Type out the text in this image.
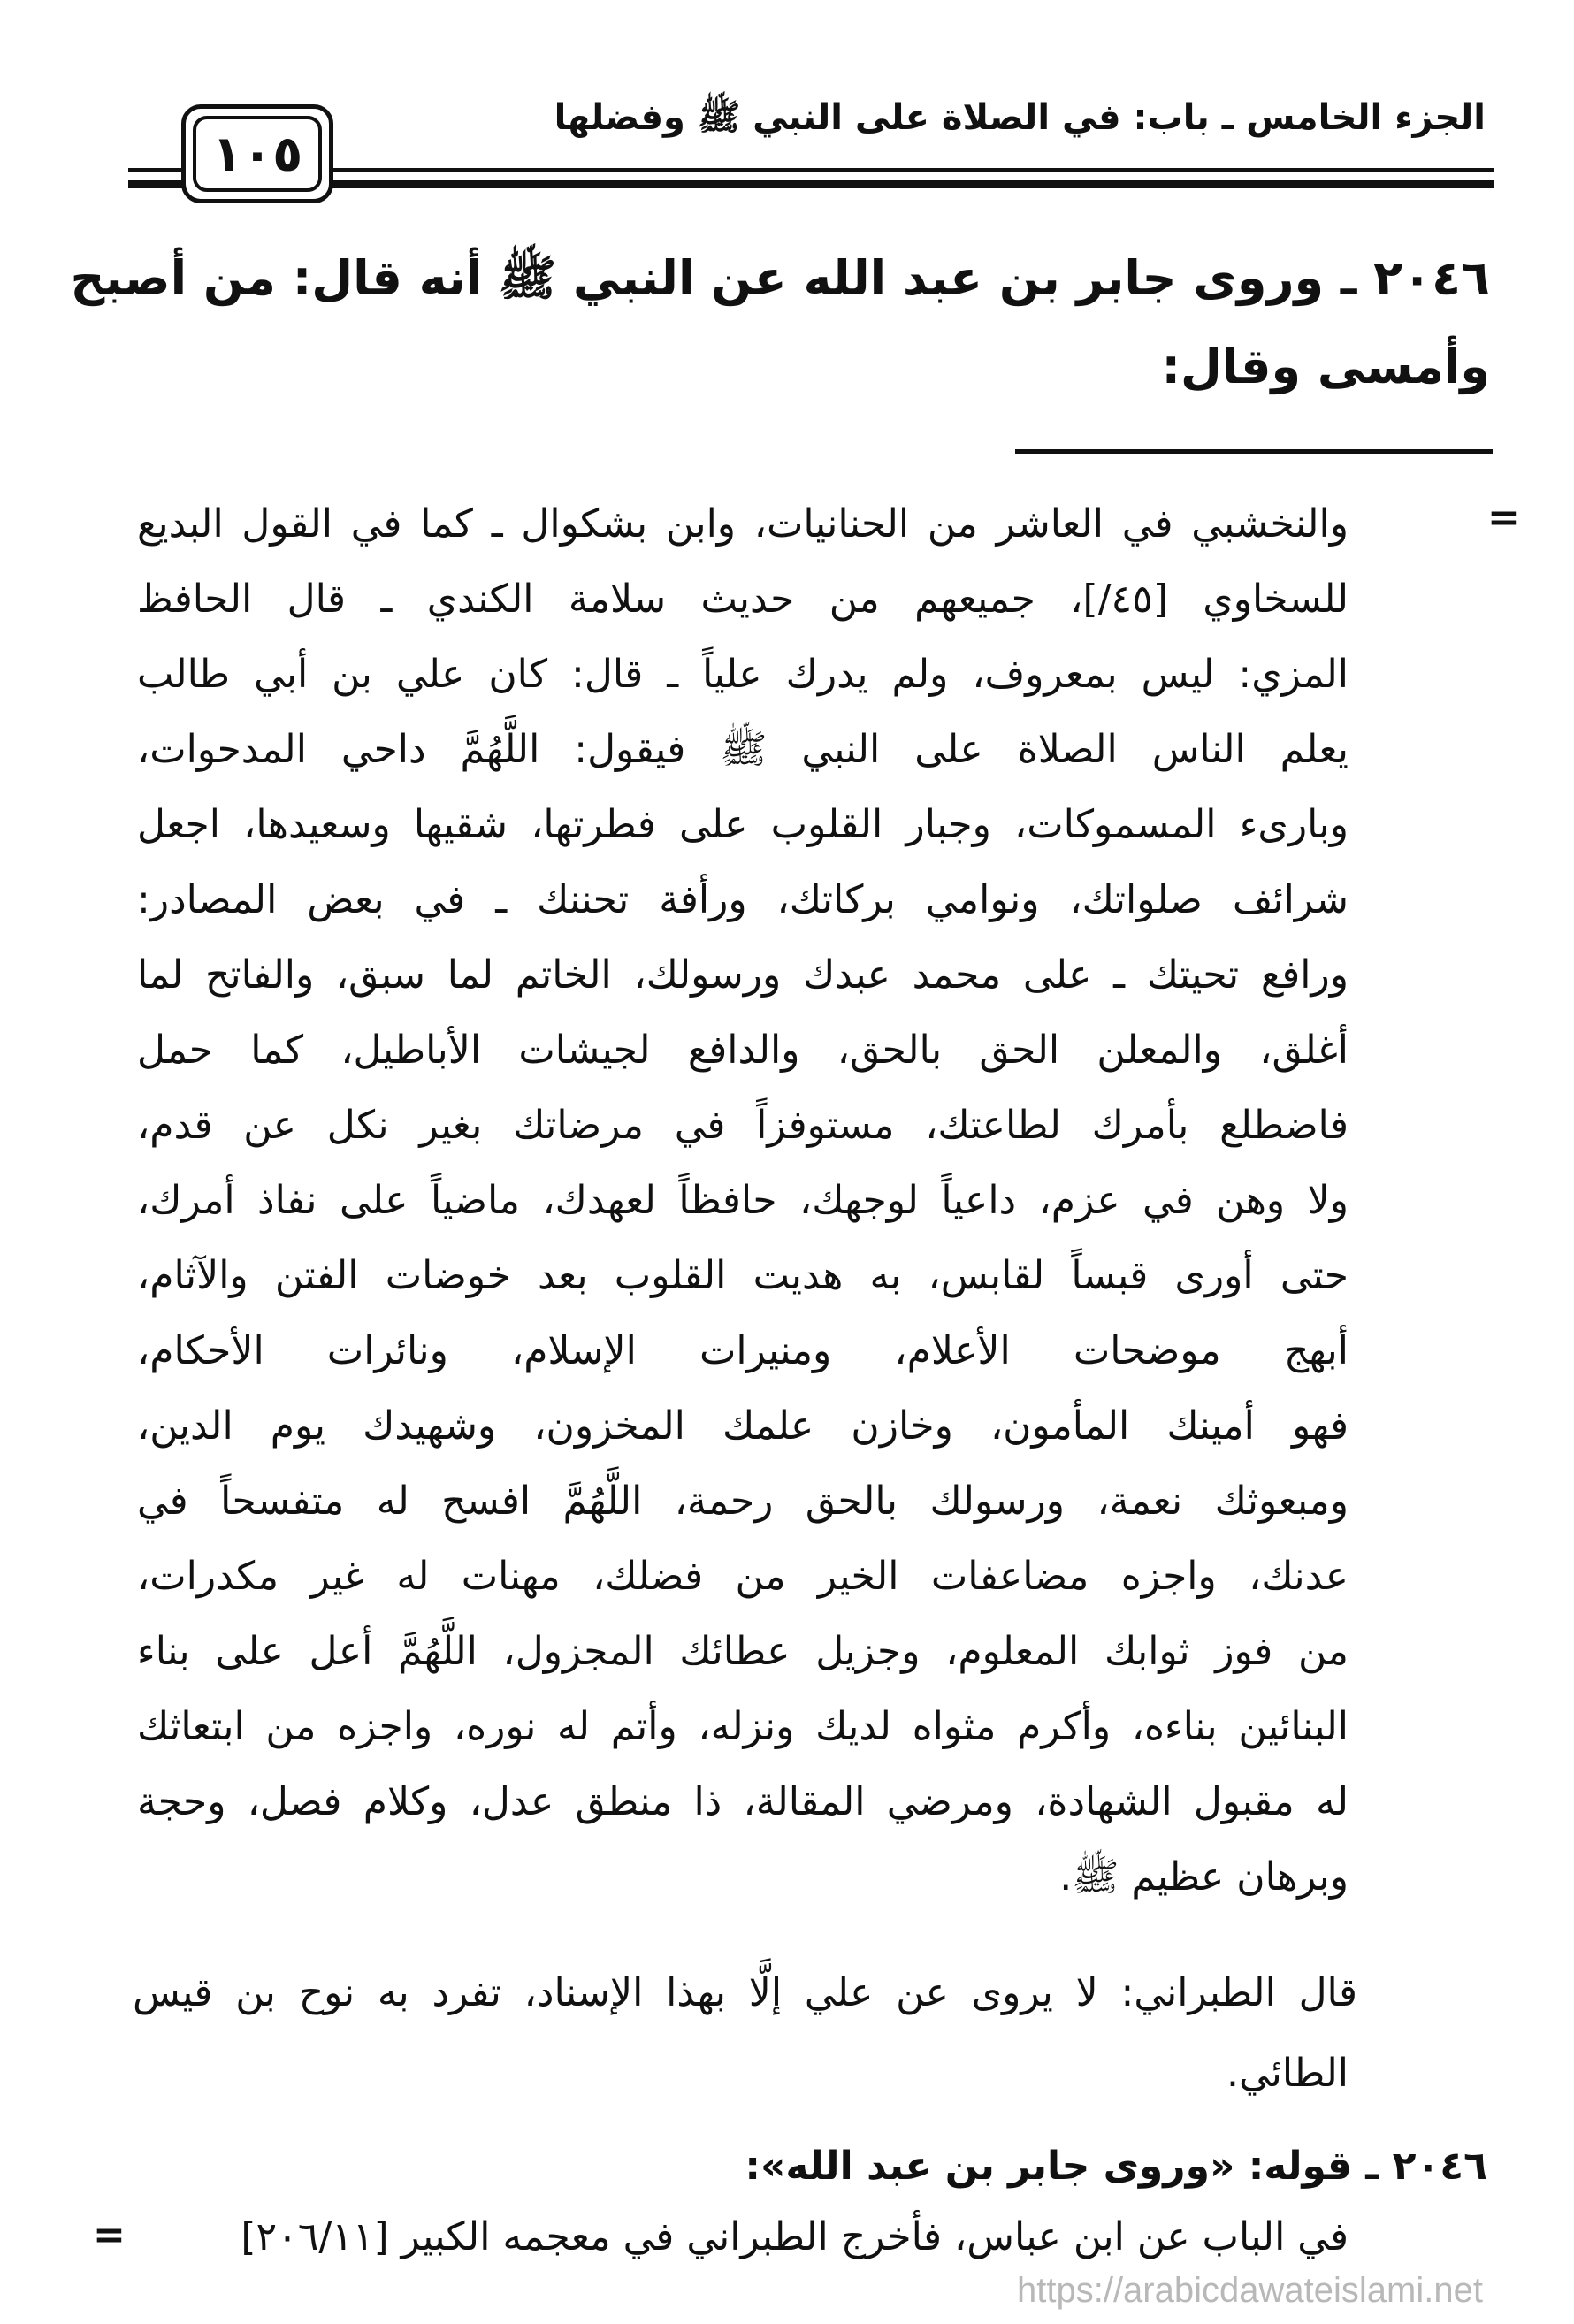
الجزء الخامس ـ باب: في الصلاة على النبي ﷺ وفضلها
١٠٥
٢٠٤٦ ـ وروى جابر بن عبد الله عن النبي ﷺ أنه قال: من أصبح
وأمسى وقال:
=
والنخشبي في العاشر من الحنانيات، وابن بشكوال ـ كما في القول البديع
للسخاوي [٤٥/]، جميعهم من حديث سلامة الكندي ـ قال الحافظ
المزي: ليس بمعروف، ولم يدرك علياً ـ قال: كان علي بن أبي طالب
يعلم الناس الصلاة على النبي ﷺ فيقول: اللَّهُمَّ داحي المدحوات،
وبارىء المسموكات، وجبار القلوب على فطرتها، شقيها وسعيدها، اجعل
شرائف صلواتك، ونوامي بركاتك، ورأفة تحننك ـ في بعض المصادر:
ورافع تحيتك ـ على محمد عبدك ورسولك، الخاتم لما سبق، والفاتح لما
أغلق، والمعلن الحق بالحق، والدافع لجيشات الأباطيل، كما حمل
فاضطلع بأمرك لطاعتك، مستوفزاً في مرضاتك بغير نكل عن قدم،
ولا وهن في عزم، داعياً لوجهك، حافظاً لعهدك، ماضياً على نفاذ أمرك،
حتى أورى قبساً لقابس، به هديت القلوب بعد خوضات الفتن والآثام،
أبهج موضحات الأعلام، ومنيرات الإسلام، ونائرات الأحكام،
فهو أمينك المأمون، وخازن علمك المخزون، وشهيدك يوم الدين،
ومبعوثك نعمة، ورسولك بالحق رحمة، اللَّهُمَّ افسح له متفسحاً في
عدنك، واجزه مضاعفات الخير من فضلك، مهنات له غير مكدرات،
من فوز ثوابك المعلوم، وجزيل عطائك المجزول، اللَّهُمَّ أعل على بناء
البنائين بناءه، وأكرم مثواه لديك ونزله، وأتم له نوره، واجزه من ابتعاثك
له مقبول الشهادة، ومرضي المقالة، ذا منطق عدل، وكلام فصل، وحجة
وبرهان عظيم ﷺ.
قال الطبراني: لا يروى عن علي إلَّا بهذا الإسناد، تفرد به نوح بن قيس
الطائي.
٢٠٤٦ ـ قوله: «وروى جابر بن عبد الله»:
في الباب عن ابن عباس، فأخرج الطبراني في معجمه الكبير [٢٠٦/١١]
=
https://arabicdawateislami.net
